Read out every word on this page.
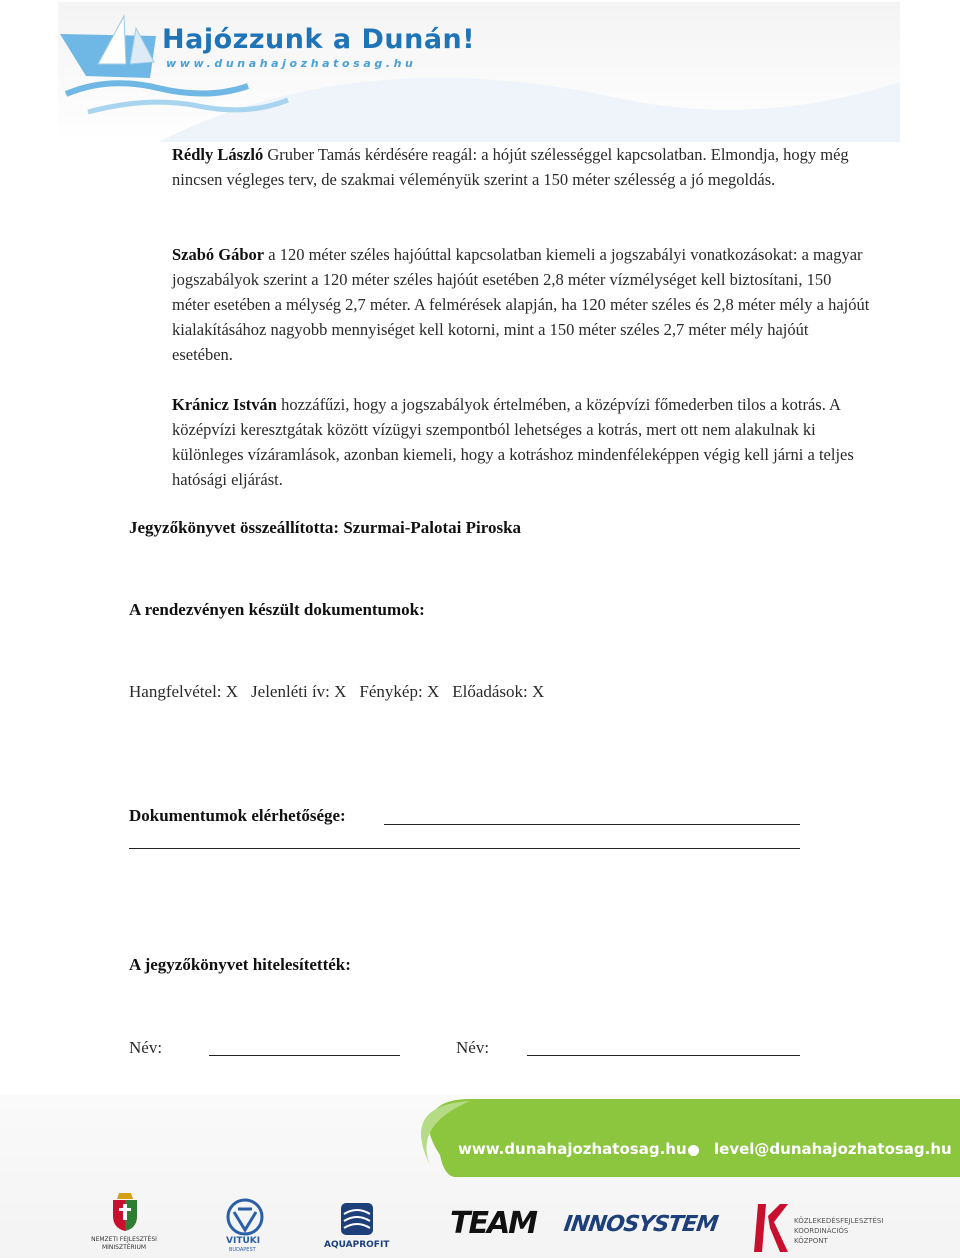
Hajózzunk a Dunán!
www.dunahajozhatosag.hu

Rédly László Gruber Tamás kérdésére reagál: a hójút szélességgel kapcsolatban. Elmondja, hogy még nincsen végleges terv, de szakmai véleményük szerint a 150 méter szélesség a jó megoldás.

Szabó Gábor a 120 méter széles hajóúttal kapcsolatban kiemeli a jogszabályi vonatkozásokat: a magyar jogszabályok szerint a 120 méter széles hajóút esetében 2,8 méter vízmélységet kell biztosítani, 150 méter esetében a mélység 2,7 méter. A felmérések alapján, ha 120 méter széles és 2,8 méter mély a hajóút kialakításához nagyobb mennyiséget kell kotorni, mint a 150 méter széles 2,7 méter mély hajóút esetében.

Kránicz István hozzáfűzi, hogy a jogszabályok értelmében, a középvízi főmederben tilos a kotrás. A középvízi keresztgátak között vízügyi szempontból lehetséges a kotrás, mert ott nem alakulnak ki különleges vízáramlások, azonban kiemeli, hogy a kotráshoz mindenféleképpen végig kell járni a teljes hatósági eljárást.

Jegyzőkönyvet összeállította: Szurmai-Palotai Piroska

A rendezvényen készült dokumentumok:

Hangfelvétel: X Jelenléti ív: X Fénykép: X Előadások: X

Dokumentumok elérhetősége:

A jegyzőkönyvet hitelesítették:

Név:	Név:
www.dunahajozhatosag.hu level@dunahajozhatosag.hu
NEMZETI FEJLESZTÉSI MINISZTÉRIUM
VITUKI
BUDAPEST	AQUAPROFIT
TEAM INNOSYSTEM	KÖZLEKEDÉSFEJLESZTÉSI
KOORDINÁCIÓS
KÖZPONT
